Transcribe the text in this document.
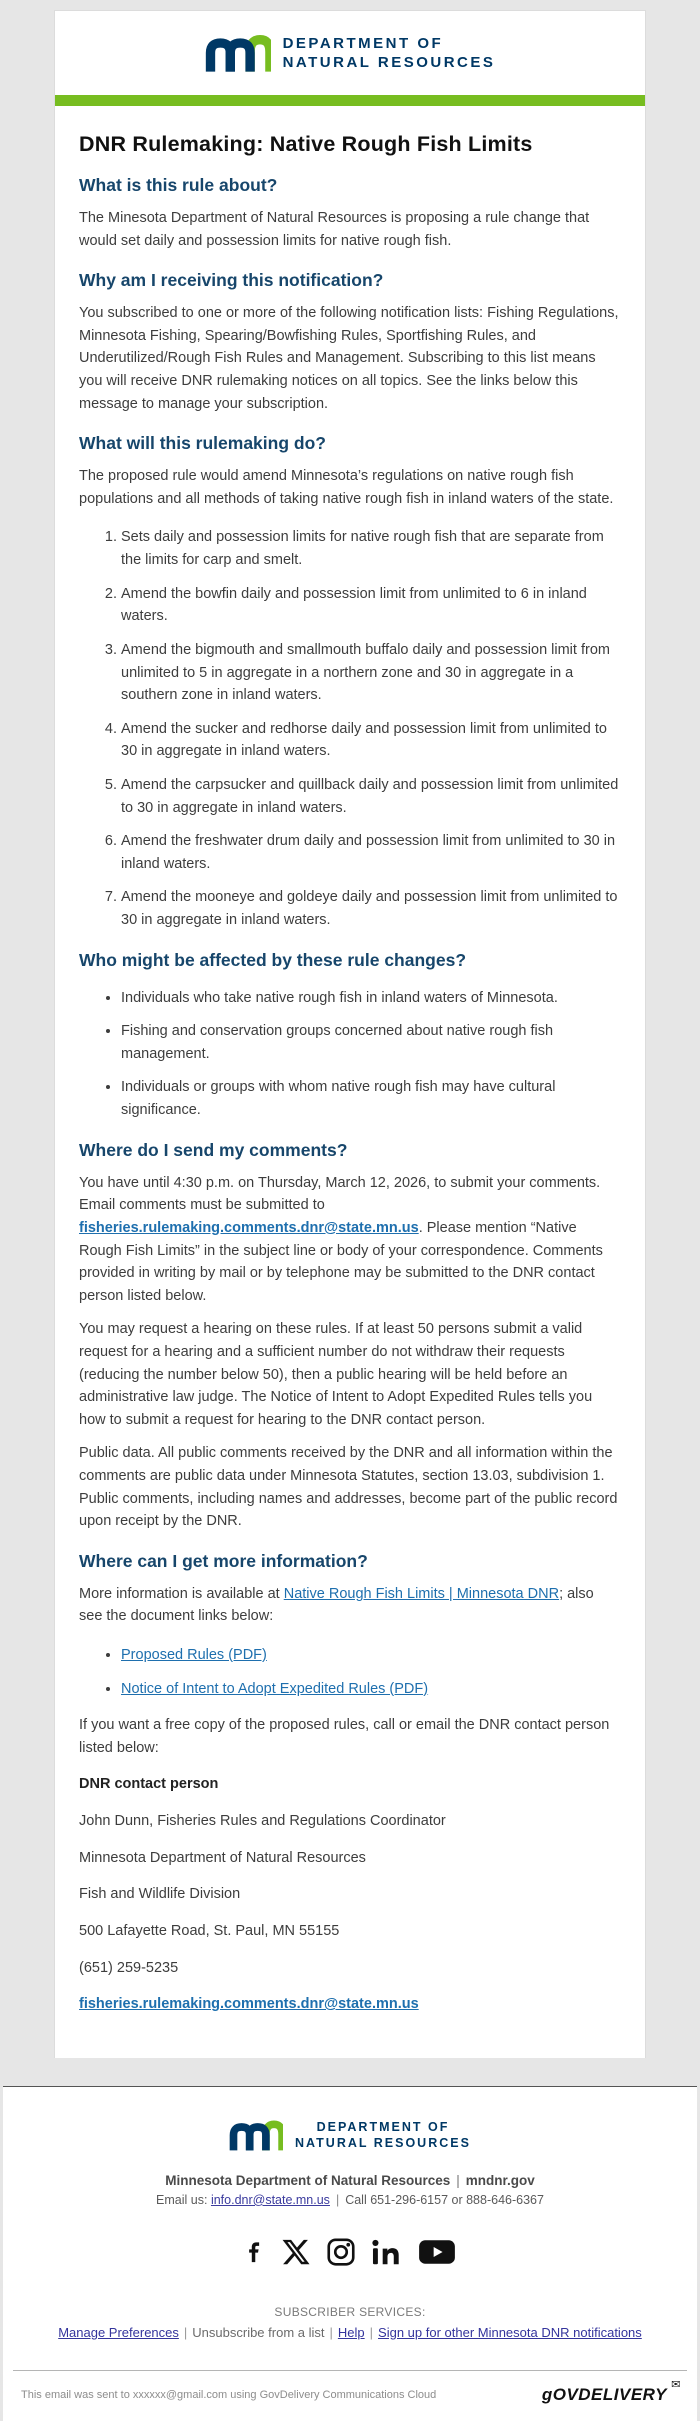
DEPARTMENT OF
NATURAL RESOURCES
DNR Rulemaking: Native Rough Fish Limits
What is this rule about?

The Minesota Department of Natural Resources is proposing a rule change that would set daily and possession limits for native rough fish.

Why am I receiving this notification?

You subscribed to one or more of the following notification lists: Fishing Regulations, Minnesota Fishing, Spearing/Bowfishing Rules, Sportfishing Rules, and Underutilized/Rough Fish Rules and Management. Subscribing to this list means you will receive DNR rulemaking notices on all topics. See the links below this message to manage your subscription.

What will this rulemaking do?

The proposed rule would amend Minnesota’s regulations on native rough fish populations and all methods of taking native rough fish in inland waters of the state.

1. Sets daily and possession limits for native rough fish that are separate from the limits for carp and smelt.
2. Amend the bowfin daily and possession limit from unlimited to 6 in inland waters.
3. Amend the bigmouth and smallmouth buffalo daily and possession limit from unlimited to 5 in aggregate in a northern zone and 30 in aggregate in a southern zone in inland waters.
4. Amend the sucker and redhorse daily and possession limit from unlimited to 30 in aggregate in inland waters.
5. Amend the carpsucker and quillback daily and possession limit from unlimited to 30 in aggregate in inland waters.
6. Amend the freshwater drum daily and possession limit from unlimited to 30 in inland waters.
7. Amend the mooneye and goldeye daily and possession limit from unlimited to 30 in aggregate in inland waters.
Who might be affected by these rule changes?
• Individuals who take native rough fish in inland waters of Minnesota.
• Fishing and conservation groups concerned about native rough fish management.
• Individuals or groups with whom native rough fish may have cultural significance.
Where do I send my comments?

You have until 4:30 p.m. on Thursday, March 12, 2026, to submit your comments. Email comments must be submitted to fisheries.rulemaking.comments.dnr@state.mn.us. Please mention “Native Rough Fish Limits” in the subject line or body of your correspondence. Comments provided in writing by mail or by telephone may be submitted to the DNR contact person listed below.

You may request a hearing on these rules. If at least 50 persons submit a valid request for a hearing and a sufficient number do not withdraw their requests (reducing the number below 50), then a public hearing will be held before an administrative law judge. The Notice of Intent to Adopt Expedited Rules tells you how to submit a request for hearing to the DNR contact person.

Public data. All public comments received by the DNR and all information within the comments are public data under Minnesota Statutes, section 13.03, subdivision 1. Public comments, including names and addresses, become part of the public record upon receipt by the DNR.

Where can I get more information?

More information is available at Native Rough Fish Limits | Minnesota DNR; also see the document links below:

• Proposed Rules (PDF)
• Notice of Intent to Adopt Expedited Rules (PDF)

If you want a free copy of the proposed rules, call or email the DNR contact person listed below:

DNR contact person

John Dunn, Fisheries Rules and Regulations Coordinator

Minnesota Department of Natural Resources

Fish and Wildlife Division

500 Lafayette Road, St. Paul, MN 55155

(651) 259-5235

fisheries.rulemaking.comments.dnr@state.mn.us

DEPARTMENT OF
NATURAL RESOURCES
Minnesota Department of Natural Resources | mndnr.gov
Email us: info.dnr@state.mn.us | Call 651-296-6157 or 888-646-6367
SUBSCRIBER SERVICES:
Manage Preferences | Unsubscribe from a list | Help | Sign up for other Minnesota DNR notifications
This email was sent to xxxxxx@gmail.com using GovDelivery Communications Cloud	gOVDELIVERY ✉
